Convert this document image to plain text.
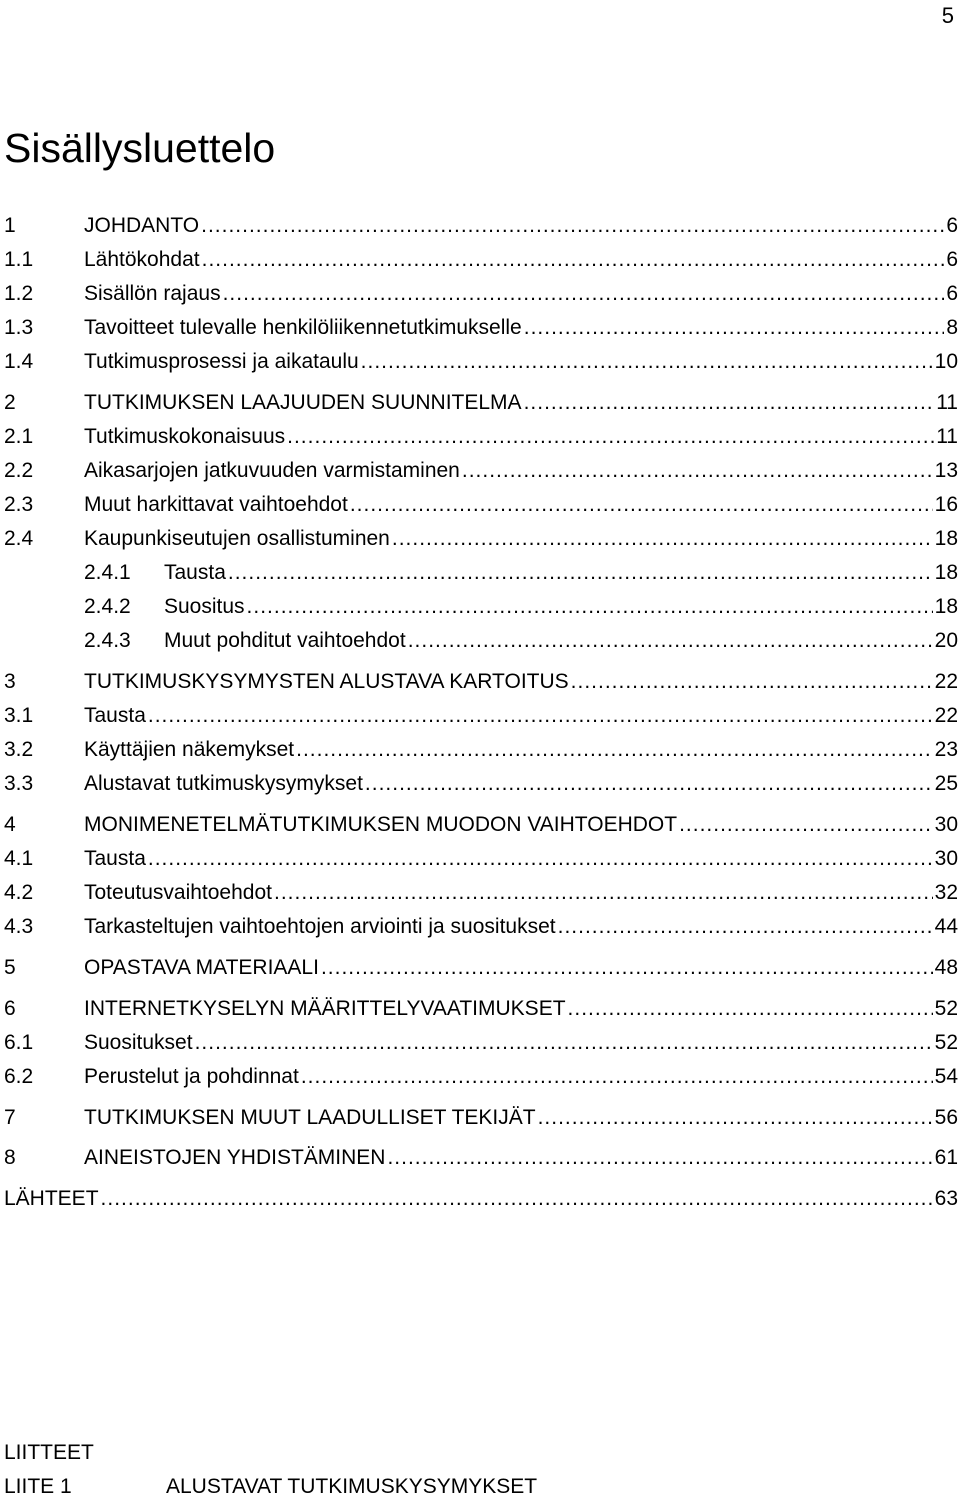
5
Sisällysluettelo
1	JOHDANTO .....	6
1.1	Lähtökohdat .....	6
1.2	Sisällön rajaus .....	6
1.3	Tavoitteet tulevalle henkilöliikennetutkimukselle .....	8
1.4	Tutkimusprosessi ja aikataulu .....	10
2	TUTKIMUKSEN LAAJUUDEN SUUNNITELMA .....	11
2.1	Tutkimuskokonaisuus .....	11
2.2	Aikasarjojen jatkuvuuden varmistaminen .....	13
2.3	Muut harkittavat vaihtoehdot .....	16
2.4	Kaupunkiseutujen osallistuminen .....	18
2.4.1	Tausta .....	18
2.4.2	Suositus .....	18
2.4.3	Muut pohditut vaihtoehdot .....	20
3	TUTKIMUSKYSYMYSTEN ALUSTAVA KARTOITUS .....	22
3.1	Tausta .....	22
3.2	Käyttäjien näkemykset .....	23
3.3	Alustavat tutkimuskysymykset .....	25
4	MONIMENETELMÄTUTKIMUKSEN MUODON VAIHTOEHDOT .....	30
4.1	Tausta .....	30
4.2	Toteutusvaihtoehdot .....	32
4.3	Tarkasteltujen vaihtoehtojen arviointi ja suositukset .....	44
5	OPASTAVA MATERIAALI .....	48
6	INTERNETKYSELYN MÄÄRITTELYVAATIMUKSET .....	52
6.1	Suositukset .....	52
6.2	Perustelut ja pohdinnat .....	54
7	TUTKIMUKSEN MUUT LAADULLISET TEKIJÄT .....	56
8	AINEISTOJEN YHDISTÄMINEN .....	61
LÄHTEET .....	63
LIITTEET
LIITE 1	ALUSTAVAT TUTKIMUSKYSYMYKSET
